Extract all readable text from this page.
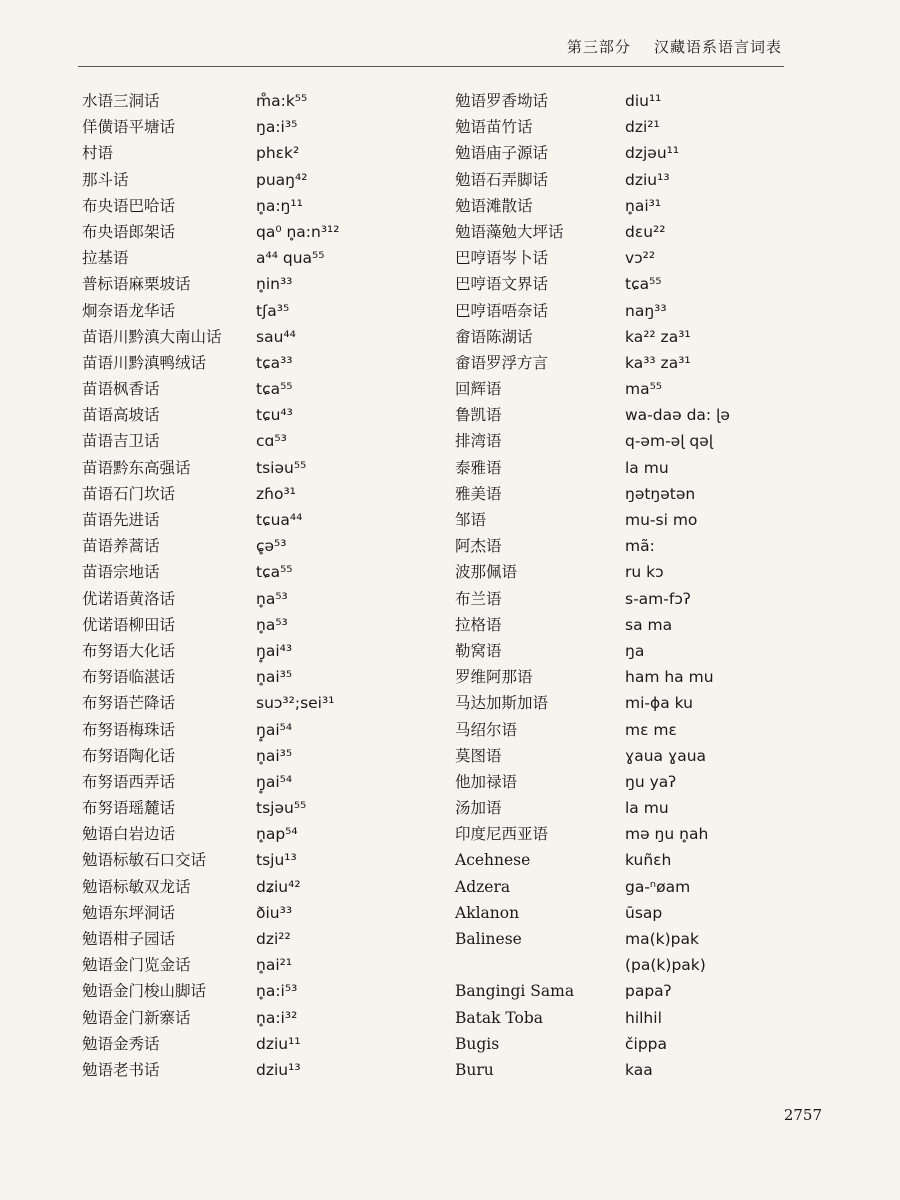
第三部分 汉藏语系语言词表
水语三洞话	m̊a:k⁵⁵
佯僙语平塘话	ŋa:i³⁵
村语	phɛk²
那斗话	puaŋ⁴²
布央语巴哈话	n̥a:ŋ¹¹
布央语郎架话	qa⁰ n̥a:n³¹²
拉基语	a⁴⁴ qua⁵⁵
普标语麻栗坡话	n̥in³³
炯奈语龙华话	tʃa³⁵
苗语川黔滇大南山话 sau⁴⁴
苗语川黔滇鸭绒话	tɕa³³
苗语枫香话	tɕa⁵⁵
苗语高坡话	tɕu⁴³
苗语吉卫话	cɑ⁵³
苗语黔东高强话	tsiəu⁵⁵
苗语石门坎话	zɦo³¹
苗语先进话	tɕua⁴⁴
苗语养蒿话	ɕ̥ə⁵³
苗语宗地话	tɕa⁵⁵
优诺语黄洛话	n̥a⁵³
优诺语柳田话	n̥a⁵³
布努语大化话	ŋ̥ai⁴³
布努语临湛话	n̥ai³⁵
布努语芒降话	suɔ³²;sei³¹
布努语梅珠话	ŋ̥ai⁵⁴
布努语陶化话	n̥ai³⁵
布努语西弄话	ŋ̥ai⁵⁴
布努语瑶麓话	tsjəu⁵⁵
勉语白岩边话	n̥ap⁵⁴
勉语标敏石口交话	tsju¹³
勉语标敏双龙话	dʑiu⁴²
勉语东坪洞话	ðiu³³
勉语柑子园话	dzi²²
勉语金门览金话	n̥ai²¹
勉语金门梭山脚话	n̥a:i⁵³
勉语金门新寨话	n̥a:i³²
勉语金秀话	dziu¹¹
勉语老书话	dziu¹³
勉语罗香坳话	diu¹¹
勉语苗竹话	dzi²¹
勉语庙子源话	dzjəu¹¹
勉语石弄脚话	dziu¹³
勉语滩散话	n̥ai³¹
勉语藻勉大坪话	dɛu²²
巴哼语岑卜话	vɔ²²
巴哼语文界话	tɕa⁵⁵
巴哼语唔奈话	naŋ³³
畲语陈湖话	ka²² za³¹
畲语罗浮方言	ka³³ za³¹
回辉语	ma⁵⁵
鲁凯语	wa-daə da: ɭə
排湾语	q-əm-əɭ qəɭ
泰雅语	la mu
雅美语	ŋətŋətən
邹语	mu-si mo
阿杰语	mã:
波那佩语	ru kɔ
布兰语	s-am-fɔʔ
拉格语	sa ma
勒窝语	ŋa
罗维阿那语	ham ha mu
马达加斯加语	mi-ɸa ku
马绍尔语	mɛ mɛ
莫图语	ɣaua ɣaua
他加禄语	ŋu yaʔ
汤加语	la mu
印度尼西亚语	mə ŋu n̥ah
Acehnese	kuñɛh
Adzera	ga-ⁿøam
Aklanon	ūsap
Balinese	ma(k)pak
(pa(k)pak)
Bangingi Sama	papaʔ
Batak Toba	hilhil
Bugis	čippa
Buru	kaa
2757
